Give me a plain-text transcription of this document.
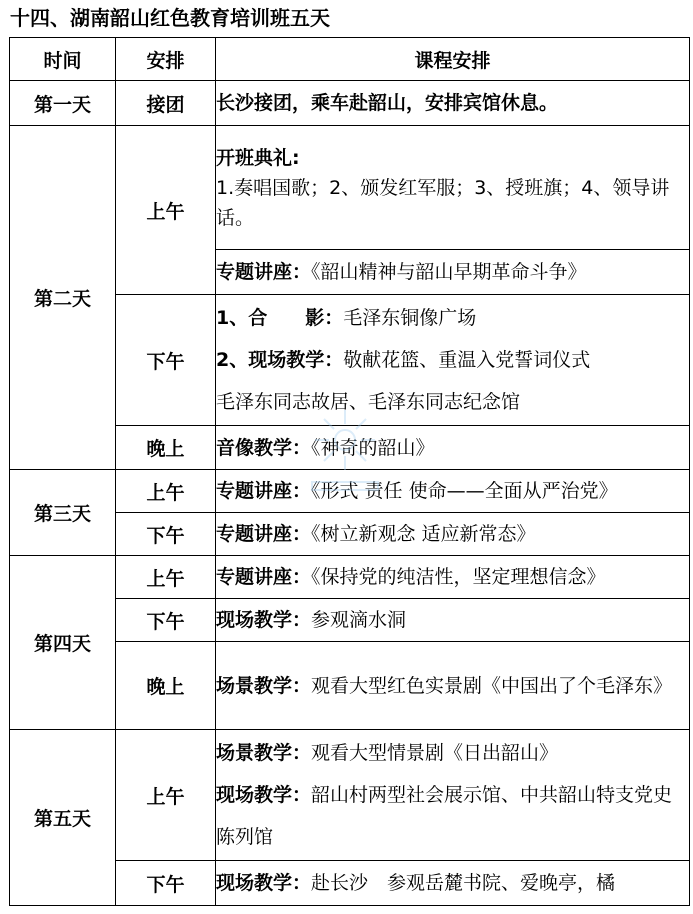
十四、湖南韶山红色教育培训班五天
时间	安排	课程安排
第一天	接团	长沙接团，乘车赴韶山，安排宾馆休息。
第二天	上午	开班典礼:
1.奏唱国歌；2、颁发红军服；3、授班旗；4、领导讲话。

		专题讲座：《韶山精神与韶山早期革命斗争》
	下午	1、合　　影：毛泽东铜像广场
2、现场教学：敬献花篮、重温入党誓词仪式
毛泽东同志故居、毛泽东同志纪念馆

	晚上	音像教学：《神奇的韶山》
第三天	上午	专题讲座：《形式 责任 使命——全面从严治党》

	下午	专题讲座：《树立新观念 适应新常态》
第四天	上午	专题讲座：《保持党的纯洁性，坚定理想信念》
	下午	现场教学：参观滴水洞
	晚上	场景教学：观看大型红色实景剧《中国出了个毛泽东》

第五天	上午	场景教学：观看大型情景剧《日出韶山》
现场教学：韶山村两型社会展示馆、中共韶山特支党史陈列馆

	下午	现场教学：赴长沙　参观岳麓书院、爱晚亭，橘
